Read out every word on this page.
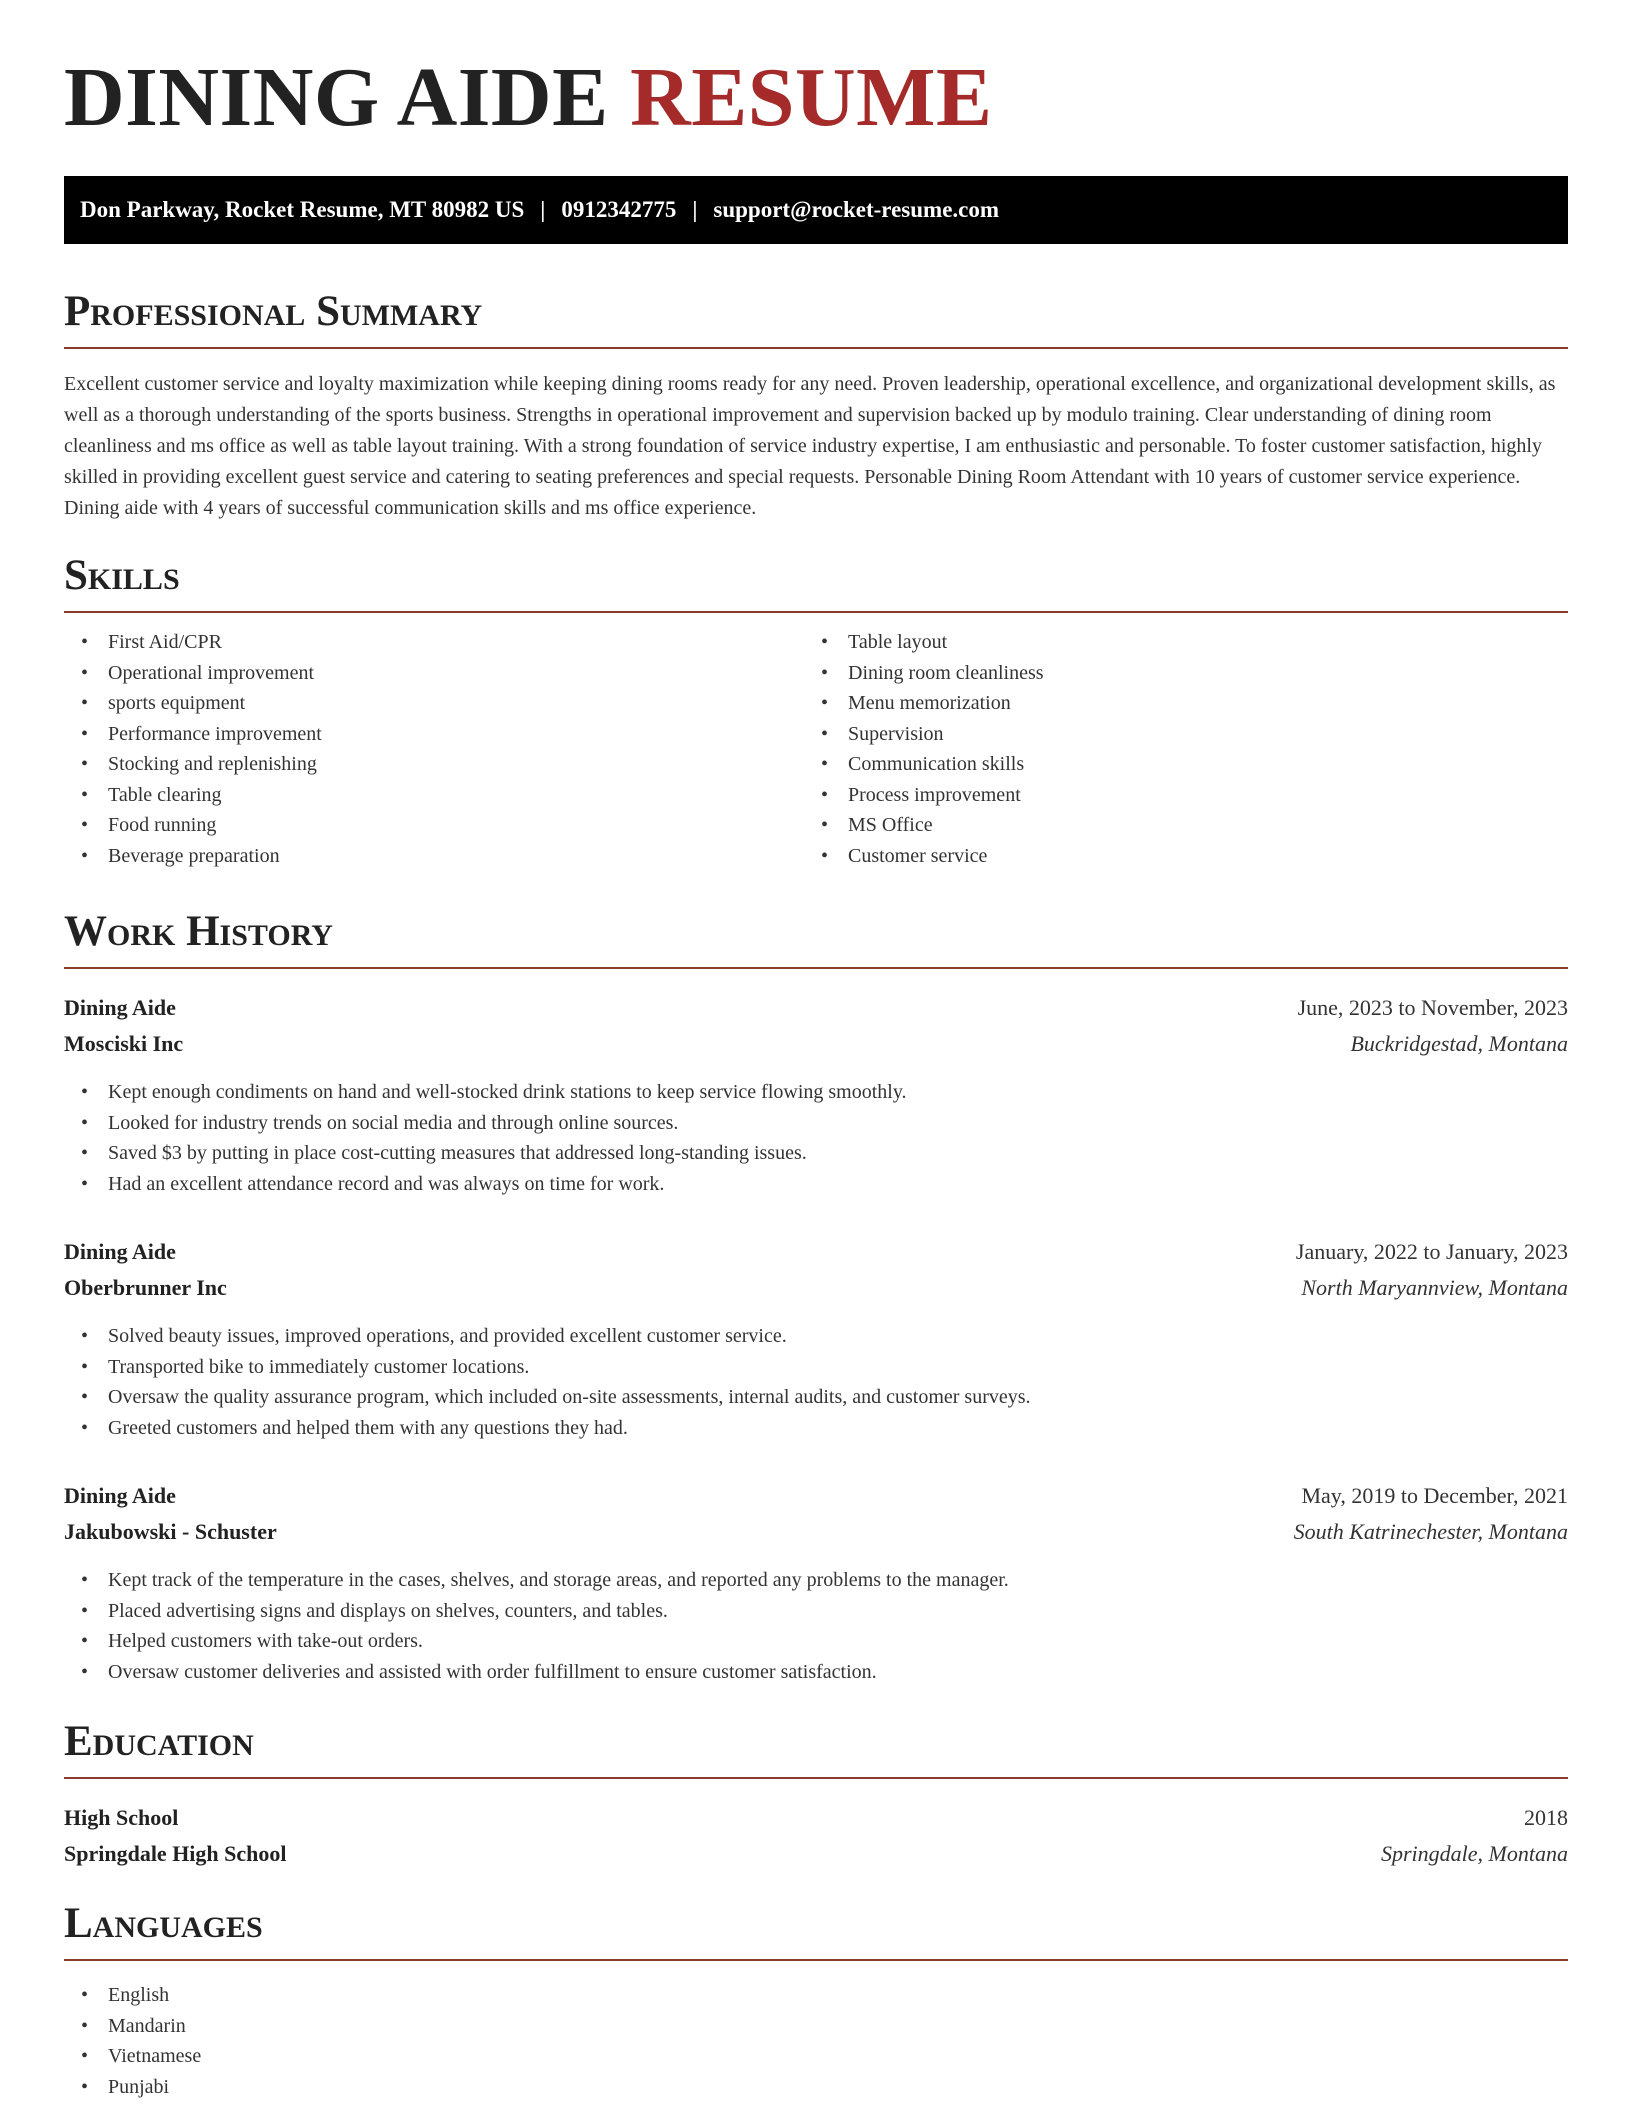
DINING AIDE RESUME
Don Parkway, Rocket Resume, MT 80982 US | 0912342775 | support@rocket-resume.com
Professional Summary

Excellent customer service and loyalty maximization while keeping dining rooms ready for any need. Proven leadership, operational excellence, and organizational development skills, as well as a thorough understanding of the sports business. Strengths in operational improvement and supervision backed up by modulo training. Clear understanding of dining room cleanliness and ms office as well as table layout training. With a strong foundation of service industry expertise, I am enthusiastic and personable. To foster customer satisfaction, highly skilled in providing excellent guest service and catering to seating preferences and special requests. Personable Dining Room Attendant with 10 years of customer service experience. Dining aide with 4 years of successful communication skills and ms office experience.

Skills
• First Aid/CPR
• Operational improvement
• sports equipment
• Performance improvement
• Stocking and replenishing
• Table clearing
• Food running
• Beverage preparation
• Table layout
• Dining room cleanliness
• Menu memorization
• Supervision
• Communication skills
• Process improvement
• MS Office
• Customer service
Work History
Dining Aide	June, 2023 to November, 2023
Mosciski Inc	Buckridgestad, Montana
• Kept enough condiments on hand and well-stocked drink stations to keep service flowing smoothly.
• Looked for industry trends on social media and through online sources.
• Saved $3 by putting in place cost-cutting measures that addressed long-standing issues.
• Had an excellent attendance record and was always on time for work.
Dining Aide	January, 2022 to January, 2023
Oberbrunner Inc	North Maryannview, Montana
• Solved beauty issues, improved operations, and provided excellent customer service.
• Transported bike to immediately customer locations.
• Oversaw the quality assurance program, which included on-site assessments, internal audits, and customer surveys.
• Greeted customers and helped them with any questions they had.
Dining Aide	May, 2019 to December, 2021
Jakubowski - Schuster	South Katrinechester, Montana
• Kept track of the temperature in the cases, shelves, and storage areas, and reported any problems to the manager.
• Placed advertising signs and displays on shelves, counters, and tables.
• Helped customers with take-out orders.
• Oversaw customer deliveries and assisted with order fulfillment to ensure customer satisfaction.
Education
High School	2018
Springdale High School	Springdale, Montana
Languages
• English
• Mandarin
• Vietnamese
• Punjabi
